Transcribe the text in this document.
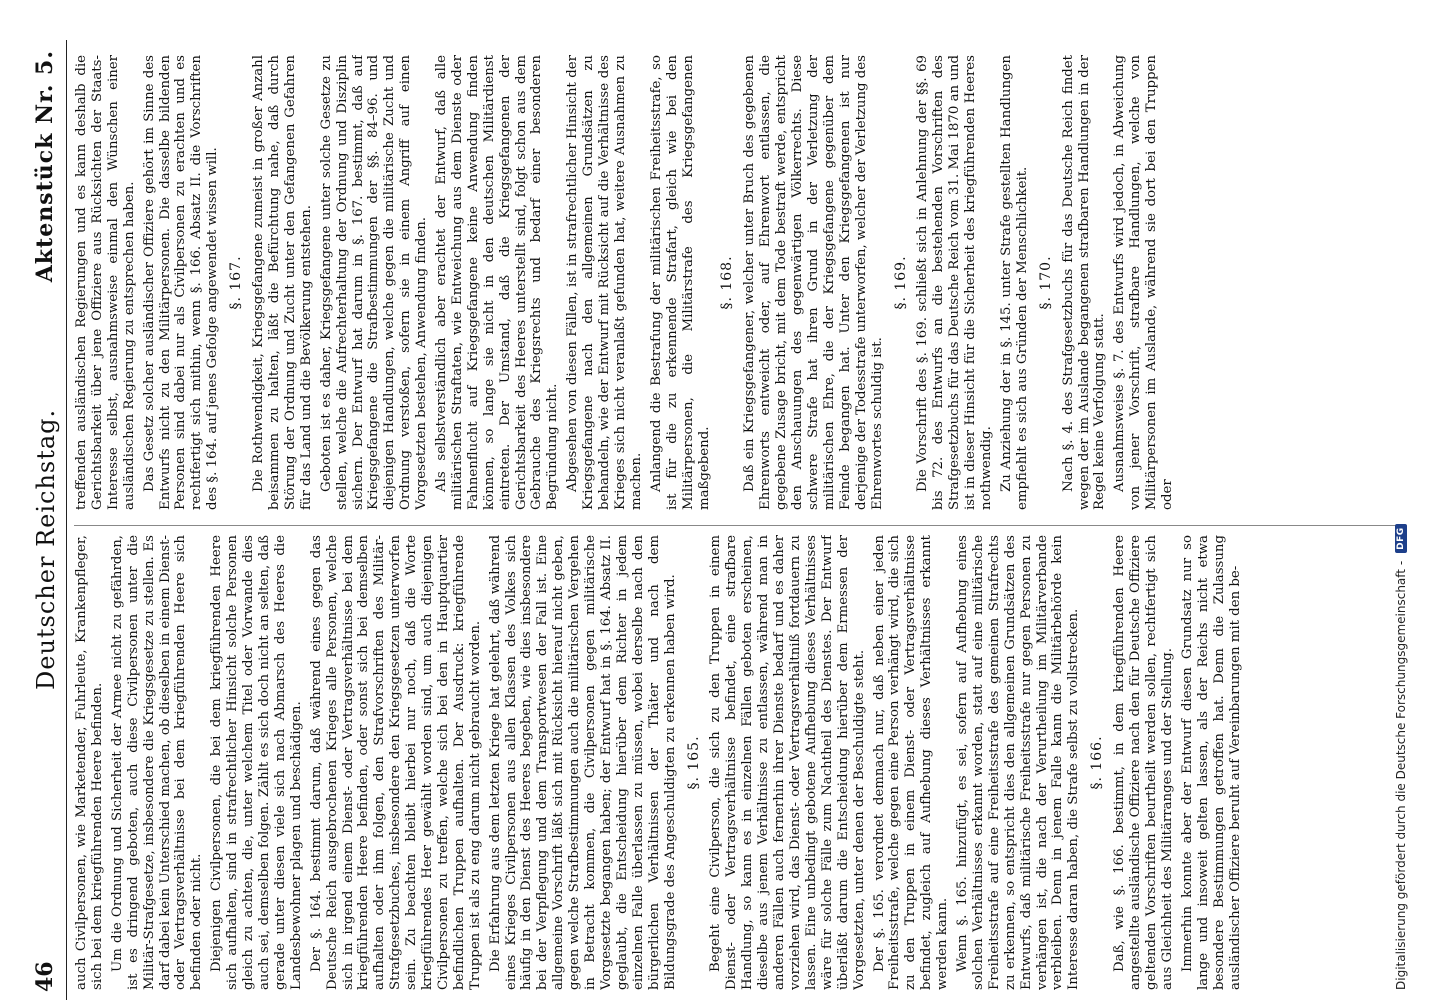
46
Deutscher Reichstag.
Aktenstück Nr. 5.

auch Civilpersonen, wie Marketender, Fuhrleute, Krankenpfleger, sich bei dem kriegführenden Heere befinden. Um die Ordnung und Sicherheit der Armee nicht zu gefährden, ist es dringend geboten, auch diese Civilpersonen unter die Militär-Strafgesetze, insbesondere die Kriegsgesetze zu stellen. Es darf dabei kein Unterschied machen, ob dieselben in einem Dienst- oder Vertragsverhältnisse bei dem kriegführenden Heere sich befinden oder nicht. Diejenigen Civilpersonen, die bei dem kriegführenden Heere sich aufhalten, sind in strafrechtlicher Hinsicht solche Personen gleich zu achten, die, unter welchem Titel oder Vorwande dies auch sei, demselben folgen. Zählt es sich doch nicht an selten, daß gerade unter diesen viele sich nach Abmarsch des Heeres die Landesbewohner plagen und beschädigen. Der §. 164. bestimmt darum, daß während eines gegen das Deutsche Reich ausgebrochenen Krieges alle Personen, welche sich in irgend einem Dienst- oder Vertragsverhältnisse bei dem kriegführenden Heere befinden, oder sonst sich bei demselben aufhalten oder ihm folgen, den Strafvorschriften des Militär-Strafgesetzbuches, insbesondere den Kriegsgesetzen unterworfen sein. Zu beachten bleibt hierbei nur noch, daß die Worte kriegführendes Heer gewählt worden sind, um auch diejenigen Civilpersonen zu treffen, welche sich bei den in Hauptquartier befindlichen Truppen aufhalten. Der Ausdruck: kriegführende Truppen ist als zu eng darum nicht gebraucht worden. Die Erfahrung aus dem letzten Kriege hat gelehrt, daß während eines Krieges Civilpersonen aus allen Klassen des Volkes sich häufig in den Dienst des Heeres begeben, wie dies insbesondere bei der Verpflegung und dem Transportwesen der Fall ist. Eine allgemeine Vorschrift läßt sich mit Rücksicht hierauf nicht geben, gegen welche Strafbestimmungen auch die militärischen Vergehen in Betracht kommen, die Civilpersonen gegen militärische Vorgesetzte begangen haben; der Entwurf hat in §. 164. Absatz II. geglaubt, die Entscheidung hierüber dem Richter in jedem einzelnen Falle überlassen zu müssen, wobei derselbe nach den bürgerlichen Verhältnissen der Thäter und nach dem Bildungsgrade des Angeschuldigten zu erkennen haben wird. §. 165. Begeht eine Civilperson, die sich zu den Truppen in einem Dienst- oder Vertragsverhältnisse befindet, eine strafbare Handlung, so kann es in einzelnen Fällen geboten erscheinen, dieselbe aus jenem Verhältnisse zu entlassen, während man in anderen Fällen auch fernerhin ihrer Dienste bedarf und es daher vorziehen wird, das Dienst- oder Vertragsverhältniß fortdauern zu lassen. Eine unbedingt gebotene Aufhebung dieses Verhältnisses wäre für solche Fälle zum Nachtheil des Dienstes. Der Entwurf überläßt darum die Entscheidung hierüber dem Ermessen der Vorgesetzten, unter denen der Beschuldigte steht. Der §. 165. verordnet demnach nur, daß neben einer jeden Freiheitsstrafe, welche gegen eine Person verhängt wird, die sich zu den Truppen in einem Dienst- oder Vertragsverhältnisse befindet, zugleich auf Aufhebung dieses Verhältnisses erkannt werden kann. Wenn §. 165. hinzufügt, es sei, sofern auf Aufhebung eines solchen Verhältnisses erkannt worden, statt auf eine militärische Freiheitsstrafe auf eine Freiheitsstrafe des gemeinen Strafrechts zu erkennen, so entspricht dies den allgemeinen Grundsätzen des Entwurfs, daß militärische Freiheitsstrafe nur gegen Personen zu verhängen ist, die nach der Verurtheilung im Militärverbande verbleiben. Denn in jenem Falle kann die Militärbehörde kein Interesse daran haben, die Strafe selbst zu vollstrecken. §. 166. Daß, wie §. 166. bestimmt, in dem kriegführenden Heere angestellte ausländische Offiziere nach den für Deutsche Offiziere geltenden Vorschriften beurtheilt werden sollen, rechtfertigt sich aus Gleichheit des Militärranges und der Stellung. Immerhin konnte aber der Entwurf diesen Grundsatz nur so lange und insoweit gelten lassen, als der Reichs nicht etwa besondere Bestimmungen getroffen hat. Denn die Zulassung ausländischer Offiziere beruht auf Vereinbarungen mit den be-

treffenden ausländischen Regierungen und es kann deshalb die Gerichtsbarkeit über jene Offiziere aus Rücksichten der Staats-Interesse selbst, ausnahmsweise einmal den Wünschen einer ausländischen Regierung zu entsprechen haben. Das Gesetz solcher ausländischer Offiziere gehört im Sinne des Entwurfs nicht zu den Militärpersonen. Die dasselbe bildenden Personen sind dabei nur als Civilpersonen zu erachten und es rechtfertigt sich mithin, wenn §. 166. Absatz II. die Vorschriften des §. 164. auf jenes Gefolge angewendet wissen will. §. 167. Die Rothwendigkeit, Kriegsgefangene zumeist in großer Anzahl beisammen zu halten, läßt die Befürchtung nahe, daß durch Störung der Ordnung und Zucht unter den Gefangenen Gefahren für das Land und die Bevölkerung entstehen. Geboten ist es daher, Kriegsgefangene unter solche Gesetze zu stellen, welche die Aufrechterhaltung der Ordnung und Disziplin sichern. Der Entwurf hat darum in §. 167. bestimmt, daß auf Kriegsgefangene die Strafbestimmungen der §§. 84–96. und diejenigen Handlungen, welche gegen die militärische Zucht und Ordnung verstoßen, sofern sie in einem Angriff auf einen Vorgesetzten bestehen, Anwendung finden. Als selbstverständlich aber erachtet der Entwurf, daß alle militärischen Straftaten, wie Entweichung aus dem Dienste oder Fahnenflucht auf Kriegsgefangene keine Anwendung finden können, so lange sie nicht in den deutschen Militärdienst eintreten. Der Umstand, daß die Kriegsgefangenen der Gerichtsbarkeit des Heeres unterstellt sind, folgt schon aus dem Gebrauche des Kriegsrechts und bedarf einer besonderen Begründung nicht. Abgesehen von diesen Fällen, ist in strafrechtlicher Hinsicht der Kriegsgefangene nach den allgemeinen Grundsätzen zu behandeln, wie der Entwurf mit Rücksicht auf die Verhältnisse des Krieges sich nicht veranlaßt gefunden hat, weitere Ausnahmen zu machen. Anlangend die Bestrafung der militärischen Freiheitsstrafe, so ist für die zu erkennende Strafart, gleich wie bei den Militärpersonen, die Militärstrafe des Kriegsgefangenen maßgebend.

§. 168. Daß ein Kriegsgefangener, welcher unter Bruch des gegebenen Ehrenworts entweicht oder, auf Ehrenwort entlassen, die gegebene Zusage bricht, mit dem Tode bestraft werde, entspricht den Anschauungen des gegenwärtigen Völkerrechts. Diese schwere Strafe hat ihren Grund in der Verletzung der militärischen Ehre, die der Kriegsgefangene gegenüber dem Feinde begangen hat. Unter den Kriegsgefangenen ist nur derjenige der Todesstrafe unterworfen, welcher der Verletzung des Ehrenwortes schuldig ist.

§. 169. Die Vorschrift des §. 169. schließt sich in Anlehnung der §§. 69 bis 72. des Entwurfs an die bestehenden Vorschriften des Strafgesetzbuchs für das Deutsche Reich vom 31. Mai 1870 an und ist in dieser Hinsicht für die Sicherheit des kriegführenden Heeres nothwendig. Zu Anziehung der in §. 145. unter Strafe gestellten Handlungen empfiehlt es sich aus Gründen der Menschlichkeit. §. 170. Nach §. 4. des Strafgesetzbuchs für das Deutsche Reich findet wegen der im Auslande begangenen strafbaren Handlungen in der Regel keine Verfolgung statt. Ausnahmsweise §. 7. des Entwurfs wird jedoch, in Abweichung von jener Vorschrift, strafbare Handlungen, welche von Militärpersonen im Auslande, während sie dort bei den Truppen oder

Digitalisierung gefördert durch die Deutsche Forschungsgemeinschaft -
DFG
